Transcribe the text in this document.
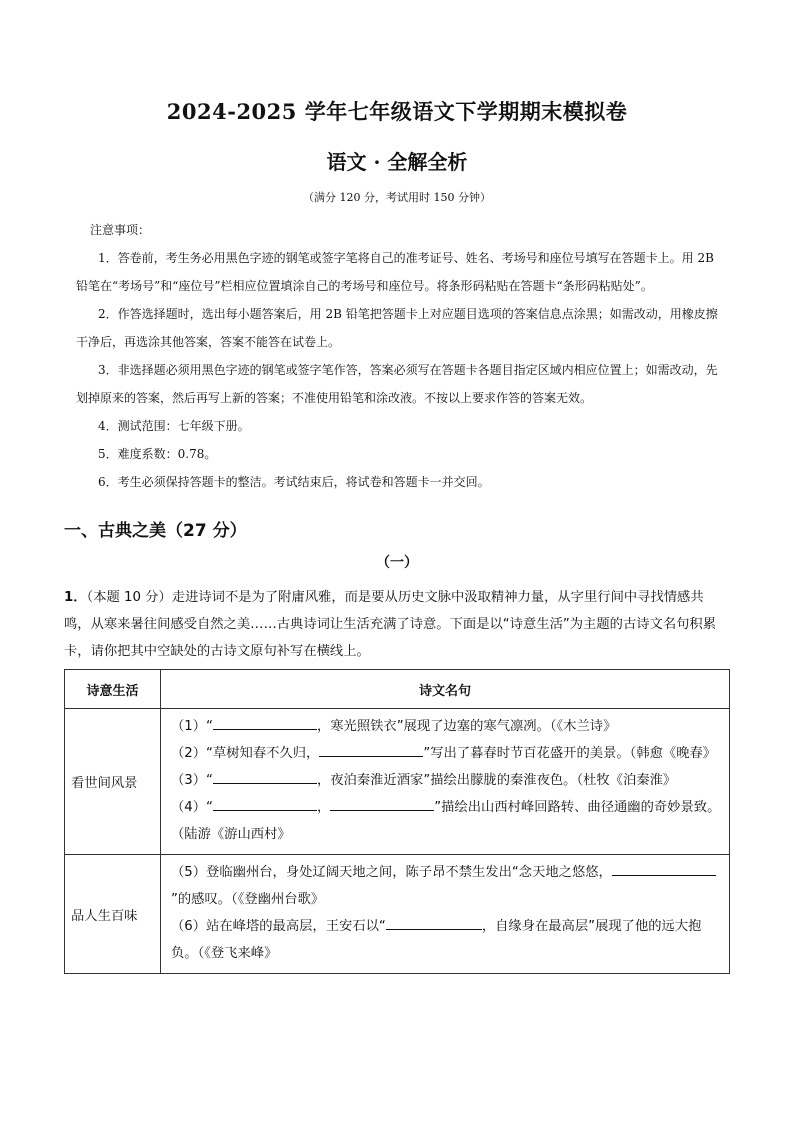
2024-2025 学年七年级语文下学期期末模拟卷
语文 · 全解全析
（满分 120 分，考试用时 150 分钟）
注意事项：

1．答卷前，考生务必用黑色字迹的钢笔或签字笔将自己的准考证号、姓名、考场号和座位号填写在答题卡上。用 2B 铅笔在“考场号”和“座位号”栏相应位置填涂自己的考场号和座位号。将条形码粘贴在答题卡“条形码粘贴处”。

2．作答选择题时，选出每小题答案后，用 2B 铅笔把答题卡上对应题目选项的答案信息点涂黑；如需改动，用橡皮擦干净后，再选涂其他答案，答案不能答在试卷上。

3．非选择题必须用黑色字迹的钢笔或签字笔作答，答案必须写在答题卡各题目指定区域内相应位置上；如需改动，先划掉原来的答案，然后再写上新的答案；不准使用铅笔和涂改液。不按以上要求作答的答案无效。

4．测试范围：七年级下册。

5．难度系数：0.78。

6．考生必须保持答题卡的整洁。考试结束后，将试卷和答题卡一并交回。

一、古典之美（27 分）
（一）
1．（本题 10 分）走进诗词不是为了附庸风雅，而是要从历史文脉中汲取精神力量，从字里行间中寻找情感共鸣，从寒来暑往间感受自然之美……古典诗词让生活充满了诗意。下面是以“诗意生活”为主题的古诗文名句积累卡，请你把其中空缺处的古诗文原句补写在横线上。
诗意生活	诗文名句
看世间风景	（1）“ ，寒光照铁衣”展现了边塞的寒气凛冽。（《木兰诗》
（2）“草树知春不久归， ”写出了暮春时节百花盛开的美景。（韩愈《晚春》
（3）“ ，夜泊秦淮近酒家”描绘出朦胧的秦淮夜色。（杜牧《泊秦淮》
（4）“ ， ”描绘出山西村峰回路转、曲径通幽的奇妙景致。（陆游《游山西村》

品人生百味	（5）登临幽州台，身处辽阔天地之间，陈子昂不禁生发出“念天地之悠悠，”的感叹。（《登幽州台歌》
（6）站在峰塔的最高层，王安石以“ ，自缘身在最高层”展现了他的远大抱负。（《登飞来峰》
